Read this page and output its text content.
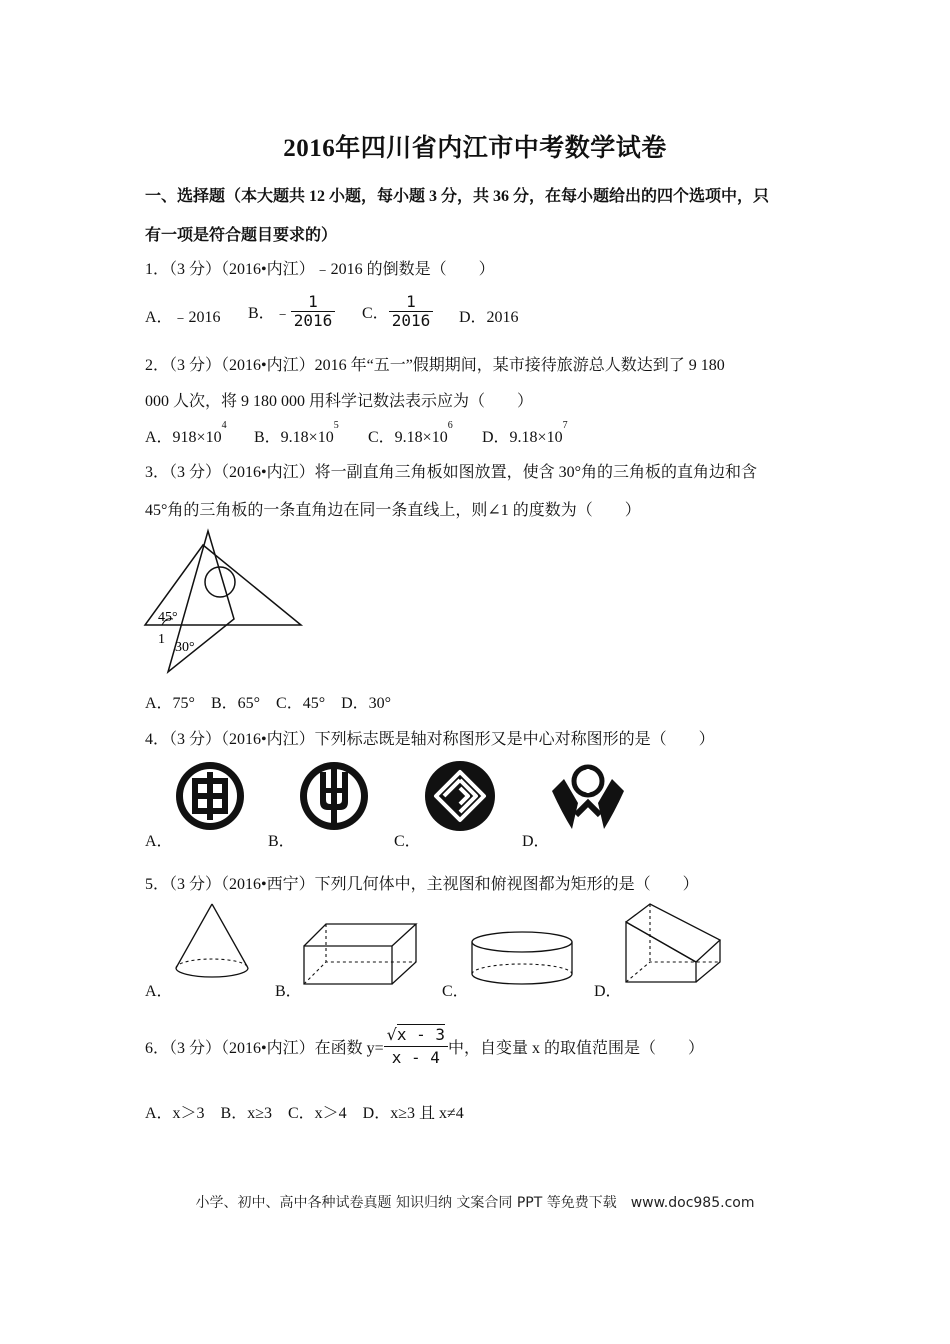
2016年四川省内江市中考数学试卷
一、选择题（本大题共 12 小题，每小题 3 分，共 36 分，在每小题给出的四个选项中，只
有一项是符合题目要求的）
1．（3 分）（2016•内江）﹣2016 的倒数是（　　）
A．﹣2016 B．﹣ $\frac{1}{2016}$ C． $\frac{1}{2016}$ D．2016
2．（3 分）（2016•内江）2016 年“五一”假期期间，某市接待旅游总人数达到了 9 180
000 人次，将 9 180 000 用科学记数法表示应为（　　）
A．$918\times 10^4$
B．$9.18\times 10^5$
C．$9.18\times 10^6$
D．$9.18\times 10^7$
3．（3 分）（2016•内江）将一副直角三角板如图放置，使含 30°角的三角板的直角边和含
45°角的三角板的一条直角边在同一条直线上，则∠1 的度数为（　　）
45°
1
30°
A．75°　B．65°　C．45°　D．30°
4．（3 分）（2016•内江）下列标志既是轴对称图形又是中心对称图形的是（　　）
A．	B．	C．	D．
5．（3 分）（2016•西宁）下列几何体中，主视图和俯视图都为矩形的是（　　）
A．	B．	C．	D．
6．（3 分）（2016•内江）在函数 $y= \frac{√x - 3}{x - 4}$ 中，自变量 x 的取值范围是（　　）
A．x＞3　B．x≥3　C．x＞4　D．x≥3 且 x≠4
小学、初中、高中各种试卷真题 知识归纳 文案合同 PPT 等免费下载　www.doc985.com
